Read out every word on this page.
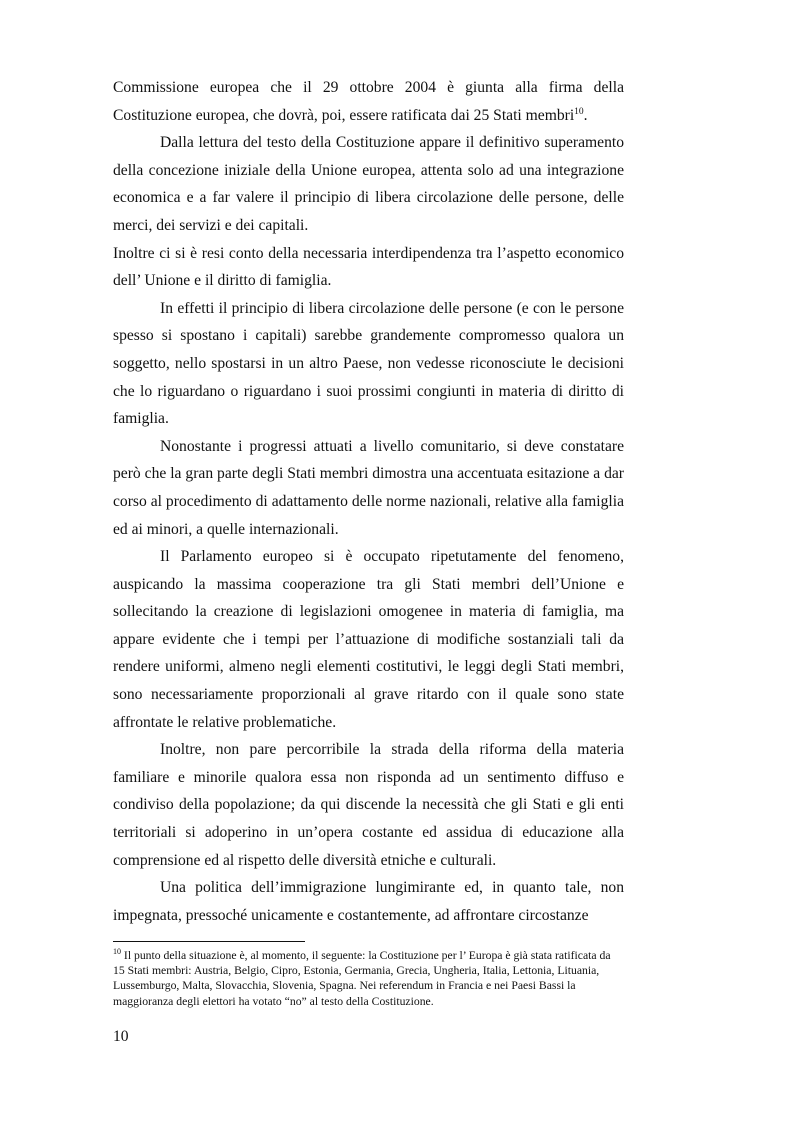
Commissione europea che il 29 ottobre 2004 è giunta alla firma della Costituzione europea, che dovrà, poi, essere ratificata dai 25 Stati membri$^{10}$.

Dalla lettura del testo della Costituzione appare il definitivo superamento della concezione iniziale della Unione europea, attenta solo ad una integrazione economica e a far valere il principio di libera circolazione delle persone, delle merci, dei servizi e dei capitali.

Inoltre ci si è resi conto della necessaria interdipendenza tra l’aspetto economico dell’ Unione e il diritto di famiglia.

In effetti il principio di libera circolazione delle persone (e con le persone spesso si spostano i capitali) sarebbe grandemente compromesso qualora un soggetto, nello spostarsi in un altro Paese, non vedesse riconosciute le decisioni che lo riguardano o riguardano i suoi prossimi congiunti in materia di diritto di famiglia.

Nonostante i progressi attuati a livello comunitario, si deve constatare però che la gran parte degli Stati membri dimostra una accentuata esitazione a dar corso al procedimento di adattamento delle norme nazionali, relative alla famiglia ed ai minori, a quelle internazionali.

Il Parlamento europeo si è occupato ripetutamente del fenomeno, auspicando la massima cooperazione tra gli Stati membri dell’Unione e sollecitando la creazione di legislazioni omogenee in materia di famiglia, ma appare evidente che i tempi per l’attuazione di modifiche sostanziali tali da rendere uniformi, almeno negli elementi costitutivi, le leggi degli Stati membri, sono necessariamente proporzionali al grave ritardo con il quale sono state affrontate le relative problematiche.

Inoltre, non pare percorribile la strada della riforma della materia familiare e minorile qualora essa non risponda ad un sentimento diffuso e condiviso della popolazione; da qui discende la necessità che gli Stati e gli enti territoriali si adoperino in un’opera costante ed assidua di educazione alla comprensione ed al rispetto delle diversità etniche e culturali.

Una politica dell’immigrazione lungimirante ed, in quanto tale, non impegnata, pressoché unicamente e costantemente, ad affrontare circostanze

$^{10}$ Il punto della situazione è, al momento, il seguente: la Costituzione per l’ Europa è già stata ratificata da 15 Stati membri: Austria, Belgio, Cipro, Estonia, Germania, Grecia, Ungheria, Italia, Lettonia, Lituania, Lussemburgo, Malta, Slovacchia, Slovenia, Spagna. Nei referendum in Francia e nei Paesi Bassi la maggioranza degli elettori ha votato “no” al testo della Costituzione.

10
